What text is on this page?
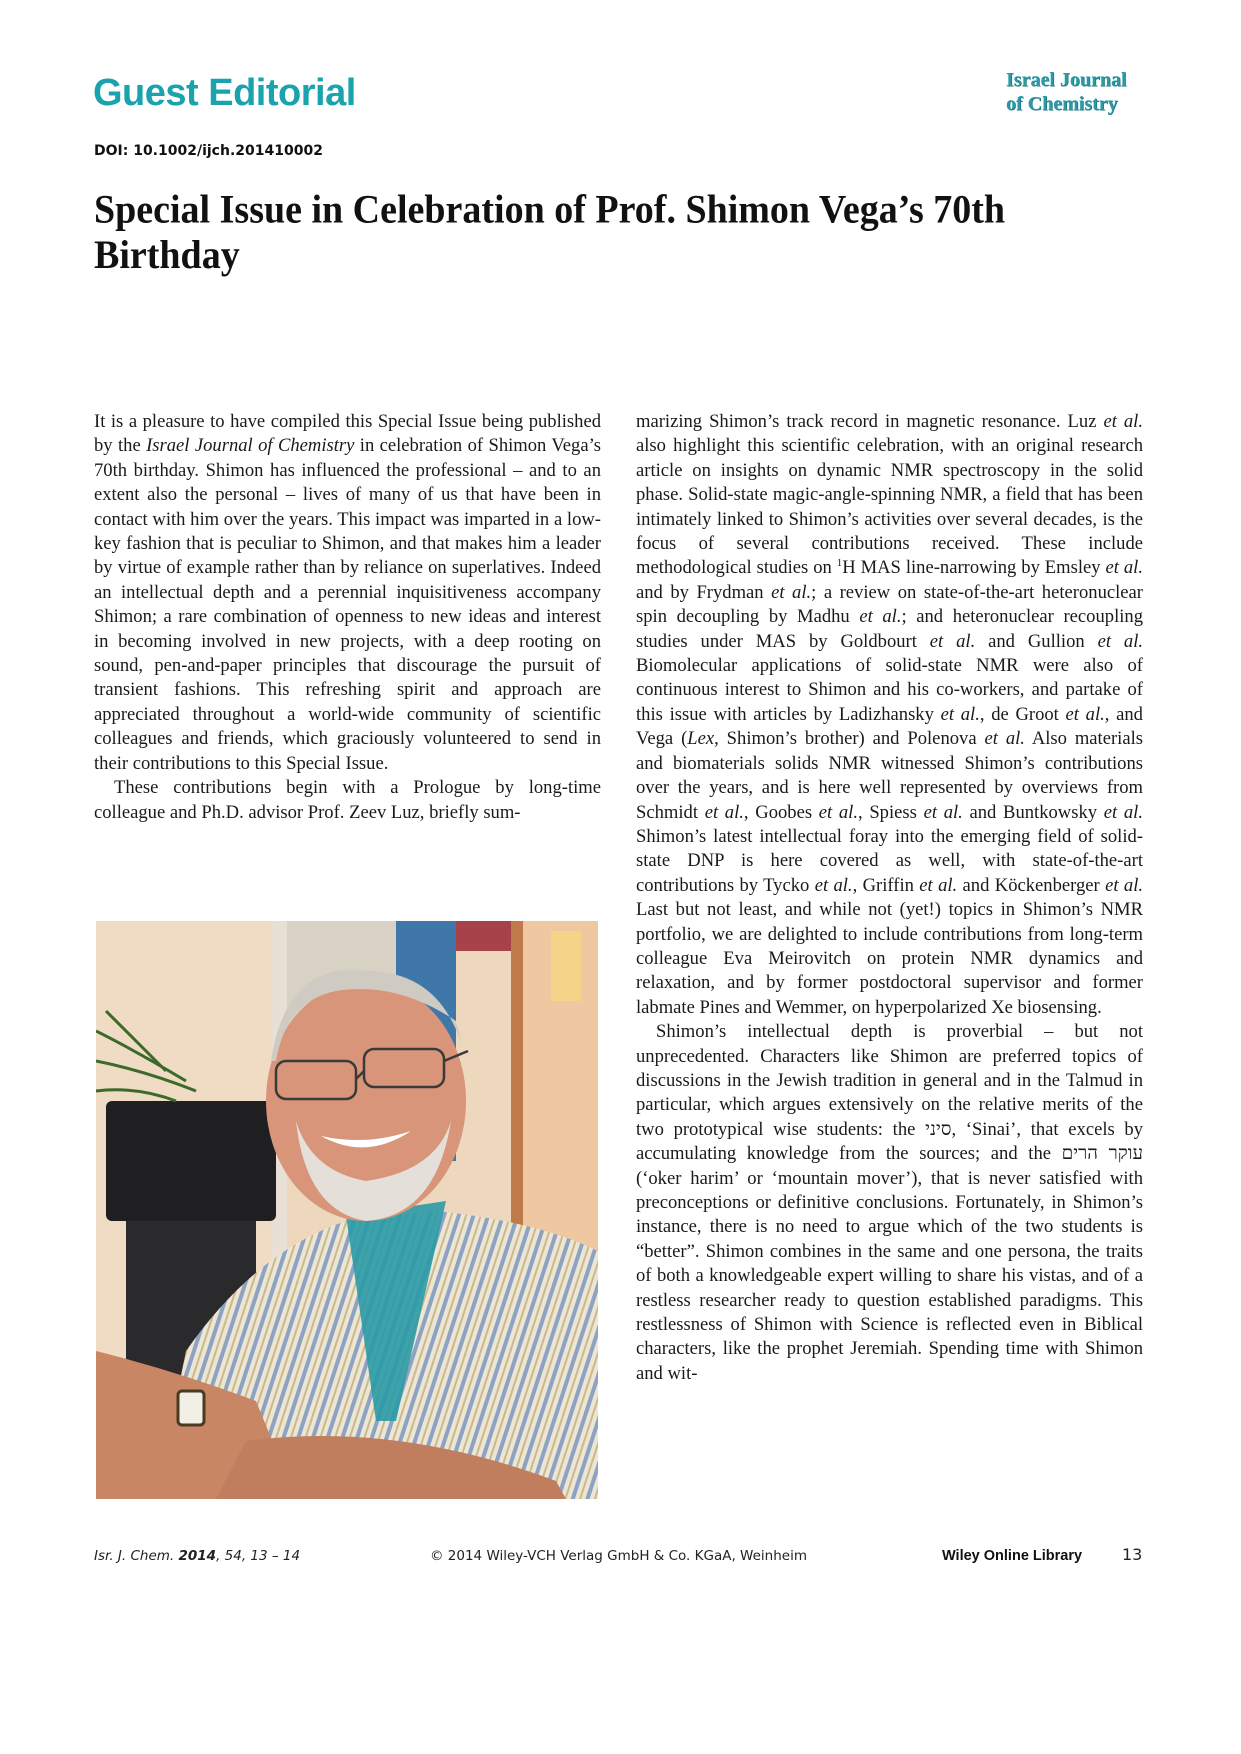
Guest Editorial	Israel Journal
of Chemistry
DOI: 10.1002/ijch.201410002
Special Issue in Celebration of Prof. Shimon Vega’s 70th Birthday

It is a pleasure to have compiled this Special Issue being published by the Israel Journal of Chemistry in celebration of Shimon Vega’s 70th birthday. Shimon has influenced the professional – and to an extent also the personal – lives of many of us that have been in contact with him over the years. This impact was imparted in a low-key fashion that is peculiar to Shimon, and that makes him a leader by virtue of example rather than by reliance on superlatives. Indeed an intellectual depth and a perennial inquisitiveness accompany Shimon; a rare combination of openness to new ideas and interest in becoming involved in new projects, with a deep rooting on sound, pen-and-paper principles that discourage the pursuit of transient fashions. This refreshing spirit and approach are appreciated throughout a world-wide community of scientific colleagues and friends, which graciously volunteered to send in their contributions to this Special Issue.

These contributions begin with a Prologue by long-time colleague and Ph.D. advisor Prof. Zeev Luz, briefly sum-

marizing Shimon’s track record in magnetic resonance. Luz et al. also highlight this scientific celebration, with an original research article on insights on dynamic NMR spectroscopy in the solid phase. Solid-state magic-angle-spinning NMR, a field that has been intimately linked to Shimon’s activities over several decades, is the focus of several contributions received. These include methodological studies on $^1$H MAS line-narrowing by Emsley et al. and by Frydman et al.; a review on state-of-the-art heteronuclear spin decoupling by Madhu et al.; and heteronuclear recoupling studies under MAS by Goldbourt et al. and Gullion et al. Biomolecular applications of solid-state NMR were also of continuous interest to Shimon and his co-workers, and partake of this issue with articles by Ladizhansky et al., de Groot et al., and Vega (Lex, Shimon’s brother) and Polenova et al. Also materials and biomaterials solids NMR witnessed Shimon’s contributions over the years, and is here well represented by overviews from Schmidt et al., Goobes et al., Spiess et al. and Buntkowsky et al. Shimon’s latest intellectual foray into the emerging field of solid-state DNP is here covered as well, with state-of-the-art contributions by Tycko et al., Griffin et al. and Köckenberger et al. Last but not least, and while not (yet!) topics in Shimon’s NMR portfolio, we are delighted to include contributions from long-term colleague Eva Meirovitch on protein NMR dynamics and relaxation, and by former postdoctoral supervisor and former labmate Pines and Wemmer, on hyperpolarized Xe biosensing.

Shimon’s intellectual depth is proverbial – but not unprecedented. Characters like Shimon are preferred topics of discussions in the Jewish tradition in general and in the Talmud in particular, which argues extensively on the relative merits of the two prototypical wise students: the סיני, ‘Sinai’, that excels by accumulating knowledge from the sources; and the עוקר הרים (‘oker harim’ or ‘mountain mover’), that is never satisfied with preconceptions or definitive conclusions. Fortunately, in Shimon’s instance, there is no need to argue which of the two students is “better”. Shimon combines in the same and one persona, the traits of both a knowledgeable expert willing to share his vistas, and of a restless researcher ready to question established paradigms. This restlessness of Shimon with Science is reflected even in Biblical characters, like the prophet Jeremiah. Spending time with Shimon and wit-

Isr. J. Chem. 2014, 54, 13 – 14	© 2014 Wiley-VCH Verlag GmbH & Co. KGaA, Weinheim	Wiley Online Library 13
